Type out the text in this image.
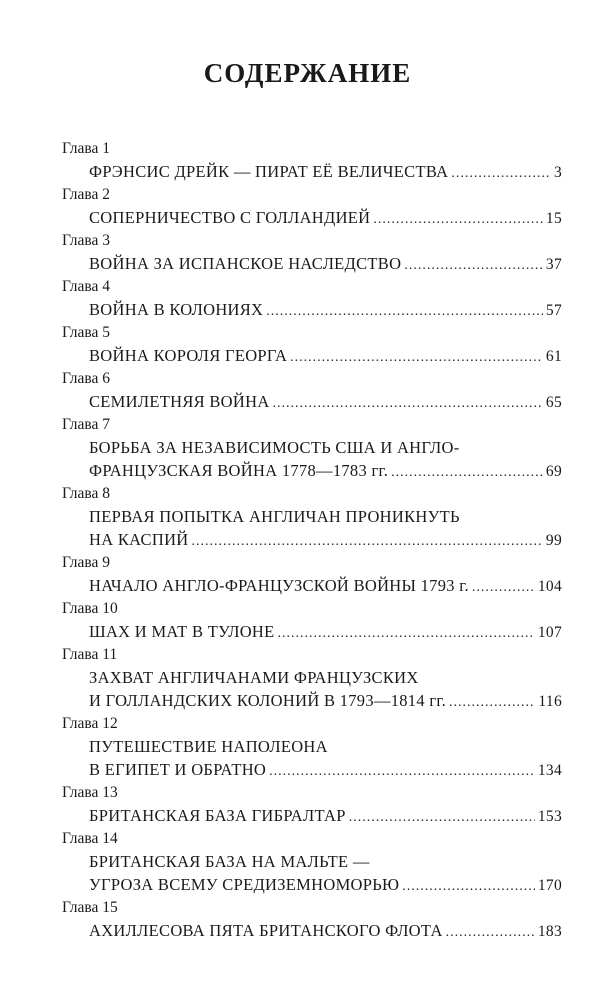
СОДЕРЖАНИЕ
Глава 1
ФРЭНСИС ДРЕЙК — ПИРАТ ЕЁ ВЕЛИЧЕСТВА .....	3
Глава 2
СОПЕРНИЧЕСТВО С ГОЛЛАНДИЕЙ .....	15
Глава 3
ВОЙНА ЗА ИСПАНСКОЕ НАСЛЕДСТВО .....	37
Глава 4
ВОЙНА В КОЛОНИЯХ .....	57
Глава 5
ВОЙНА КОРОЛЯ ГЕОРГА .....	61
Глава 6
СЕМИЛЕТНЯЯ ВОЙНА .....	65
Глава 7
БОРЬБА ЗА НЕЗАВИСИМОСТЬ США И АНГЛО-
ФРАНЦУЗСКАЯ ВОЙНА 1778—1783 гг. .....	69
Глава 8
ПЕРВАЯ ПОПЫТКА АНГЛИЧАН ПРОНИКНУТЬ
НА КАСПИЙ .....	99
Глава 9
НАЧАЛО АНГЛО-ФРАНЦУЗСКОЙ ВОЙНЫ 1793 г. .....	104
Глава 10
ШАХ И МАТ В ТУЛОНЕ .....	107
Глава 11
ЗАХВАТ АНГЛИЧАНАМИ ФРАНЦУЗСКИХ
И ГОЛЛАНДСКИХ КОЛОНИЙ В 1793—1814 гг. .....	116
Глава 12
ПУТЕШЕСТВИЕ НАПОЛЕОНА
В ЕГИПЕТ И ОБРАТНО .....	134
Глава 13
БРИТАНСКАЯ БАЗА ГИБРАЛТАР .....	153
Глава 14
БРИТАНСКАЯ БАЗА НА МАЛЬТЕ —
УГРОЗА ВСЕМУ СРЕДИЗЕМНОМОРЬЮ .....	170
Глава 15
АХИЛЛЕСОВА ПЯТА БРИТАНСКОГО ФЛОТА .....	183
